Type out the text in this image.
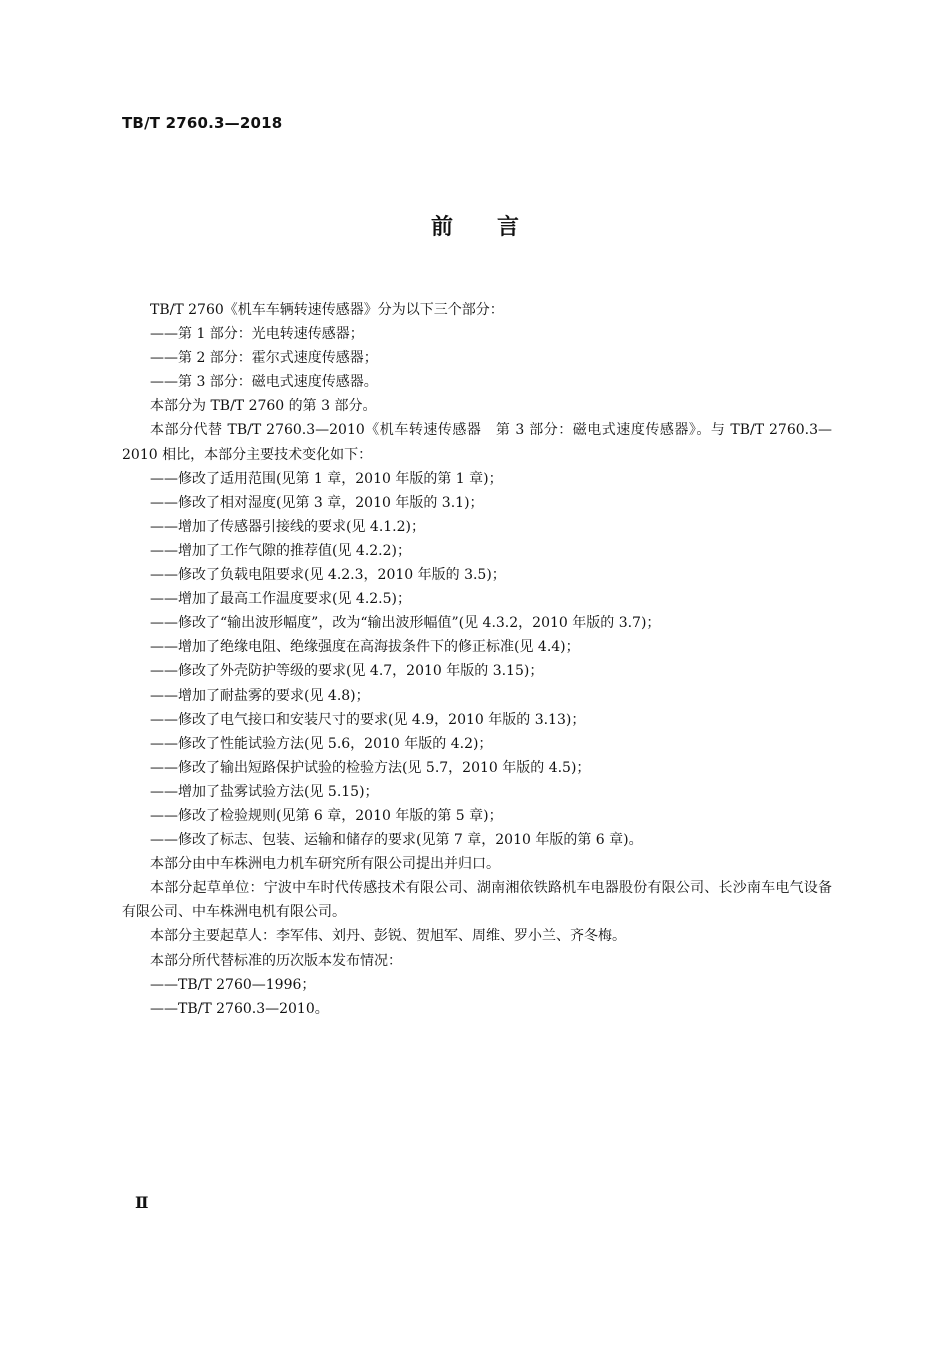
TB/T 2760.3—2018
前言

TB/T 2760《机车车辆转速传感器》分为以下三个部分：

——第 1 部分：光电转速传感器；

——第 2 部分：霍尔式速度传感器；

——第 3 部分：磁电式速度传感器。

本部分为 TB/T 2760 的第 3 部分。

本部分代替 TB/T 2760.3—2010《机车转速传感器　第 3 部分：磁电式速度传感器》。与 TB/T 2760.3—2010 相比，本部分主要技术变化如下：

——修改了适用范围(见第 1 章，2010 年版的第 1 章)；

——修改了相对湿度(见第 3 章，2010 年版的 3.1)；

——增加了传感器引接线的要求(见 4.1.2)；

——增加了工作气隙的推荐值(见 4.2.2)；

——修改了负载电阻要求(见 4.2.3，2010 年版的 3.5)；

——增加了最高工作温度要求(见 4.2.5)；

——修改了“输出波形幅度”，改为“输出波形幅值”(见 4.3.2，2010 年版的 3.7)；

——增加了绝缘电阻、绝缘强度在高海拔条件下的修正标准(见 4.4)；

——修改了外壳防护等级的要求(见 4.7，2010 年版的 3.15)；

——增加了耐盐雾的要求(见 4.8)；

——修改了电气接口和安装尺寸的要求(见 4.9，2010 年版的 3.13)；

——修改了性能试验方法(见 5.6，2010 年版的 4.2)；

——修改了输出短路保护试验的检验方法(见 5.7，2010 年版的 4.5)；

——增加了盐雾试验方法(见 5.15)；

——修改了检验规则(见第 6 章，2010 年版的第 5 章)；

——修改了标志、包装、运输和储存的要求(见第 7 章，2010 年版的第 6 章)。

本部分由中车株洲电力机车研究所有限公司提出并归口。

本部分起草单位：宁波中车时代传感技术有限公司、湖南湘依铁路机车电器股份有限公司、长沙南车电气设备有限公司、中车株洲电机有限公司。

本部分主要起草人：李军伟、刘丹、彭锐、贺旭军、周维、罗小兰、齐冬梅。

本部分所代替标准的历次版本发布情况：

——TB/T 2760—1996；

——TB/T 2760.3—2010。

Ⅱ
